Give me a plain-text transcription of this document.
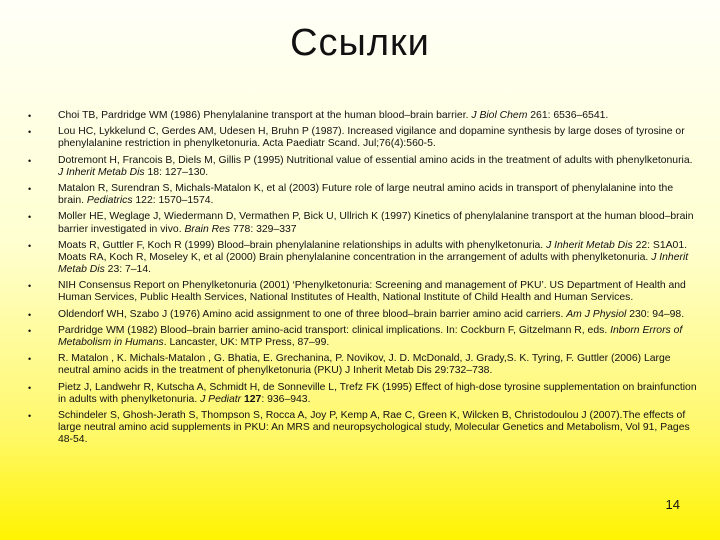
Ссылки
• Choi TB, Pardridge WM (1986) Phenylalanine transport at the human blood–brain barrier. J Biol Chem 261: 6536–6541.
• Lou HC, Lykkelund C, Gerdes AM, Udesen H, Bruhn P (1987). Increased vigilance and dopamine synthesis by large doses of tyrosine or phenylalanine restriction in phenylketonuria. Acta Paediatr Scand. Jul;76(4):560-5.
• Dotremont H, Francois B, Diels M, Gillis P (1995) Nutritional value of essential amino acids in the treatment of adults with phenylketonuria. J Inherit Metab Dis 18: 127–130.
• Matalon R, Surendran S, Michals-Matalon K, et al (2003) Future role of large neutral amino acids in transport of phenylalanine into the brain. Pediatrics 122: 1570–1574.
• Moller HE, Weglage J, Wiedermann D, Vermathen P, Bick U, Ullrich K (1997) Kinetics of phenylalanine transport at the human blood–brain barrier investigated in vivo. Brain Res 778: 329–337
• Moats R, Guttler F, Koch R (1999) Blood–brain phenylalanine relationships in adults with phenylketonuria. J Inherit Metab Dis 22: S1A01. Moats RA, Koch R, Moseley K, et al (2000) Brain phenylalanine concentration in the arrangement of adults with phenylketonuria. J Inherit Metab Dis 23: 7–14.
• NIH Consensus Report on Phenylketonuria (2001) ‘Phenylketonuria: Screening and management of PKU’. US Department of Health and Human Services, Public Health Services, National Institutes of Health, National Institute of Child Health and Human Services.
• Oldendorf WH, Szabo J (1976) Amino acid assignment to one of three blood–brain barrier amino acid carriers. Am J Physiol 230: 94–98.
• Pardridge WM (1982) Blood–brain barrier amino-acid transport: clinical implications. In: Cockburn F, Gitzelmann R, eds. Inborn Errors of Metabolism in Humans. Lancaster, UK: MTP Press, 87–99.
• R. Matalon , K. Michals-Matalon , G. Bhatia, E. Grechanina, P. Novikov, J. D. McDonald, J. Grady,S. K. Tyring, F. Guttler (2006) Large neutral amino acids in the treatment of phenylketonuria (PKU) J Inherit Metab Dis 29:732–738.
• Pietz J, Landwehr R, Kutscha A, Schmidt H, de Sonneville L, Trefz FK (1995) Effect of high-dose tyrosine supplementation on brainfunction in adults with phenylketonuria. J Pediatr 127: 936–943.
• Schindeler S, Ghosh-Jerath S, Thompson S, Rocca A, Joy P, Kemp A, Rae C, Green K, Wilcken B, Christodoulou J (2007).The effects of large neutral amino acid supplements in PKU: An MRS and neuropsychological study, Molecular Genetics and Metabolism, Vol 91, Pages 48-54.
14
